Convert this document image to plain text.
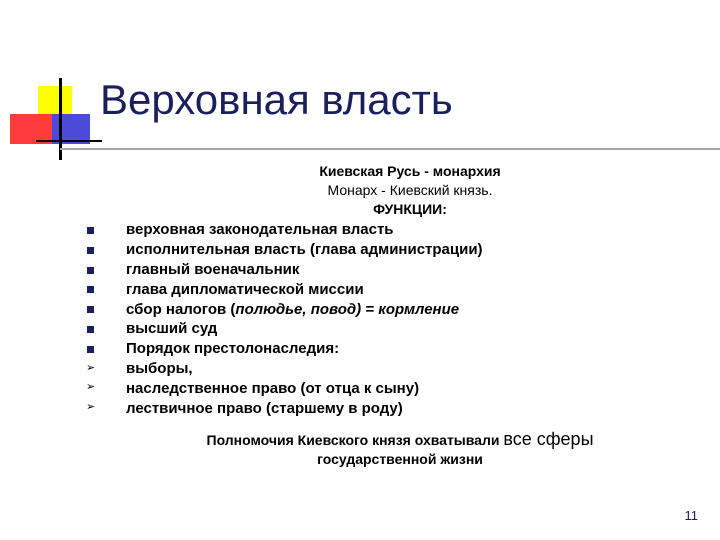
Верховная власть
Киевская Русь - монархия
Монарх - Киевский князь.
ФУНКЦИИ:
верховная законодательная власть
исполнительная власть (глава администрации)
главный военачальник
глава дипломатической миссии
сбор налогов (полюдье, повод) = кормление
высший суд
Порядок престолонаследия:
➢
выборы,
➢
наследственное право (от отца к сыну)
➢
лествичное право (старшему в роду)
Полномочия Киевского князя охватывали все сферы
государственной жизни
11
